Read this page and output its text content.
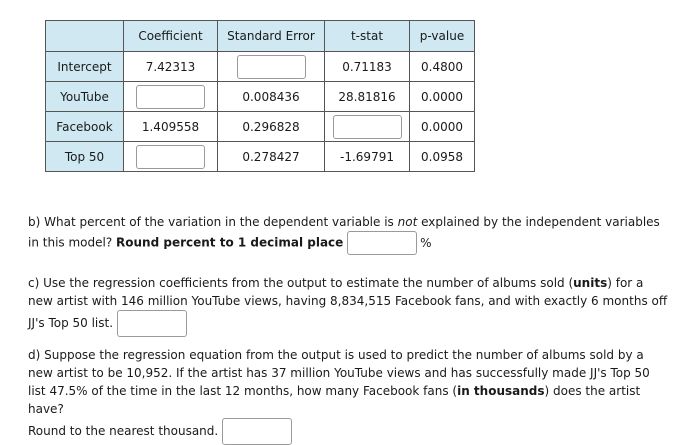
	Coefficient	Standard Error	t-stat	p-value
Intercept	7.42313		0.71183	0.4800
YouTube		0.008436	28.81816	0.0000
Facebook	1.409558	0.296828		0.0000
Top 50		0.278427	-1.69791	0.0958

b) What percent of the variation in the dependent variable is not explained by the independent variables in this model? Round percent to 1 decimal place	%

c) Use the regression coefficients from the output to estimate the number of albums sold (units) for a new artist with 146 million YouTube views, having 8,834,515 Facebook fans, and with exactly 6 months off JJ's Top 50 list.

d) Suppose the regression equation from the output is used to predict the number of albums sold by a new artist to be 10,952. If the artist has 37 million YouTube views and has successfully made JJ's Top 50 list 47.5% of the time in the last 12 months, how many Facebook fans (in thousands) does the artist have?
Round to the nearest thousand.
